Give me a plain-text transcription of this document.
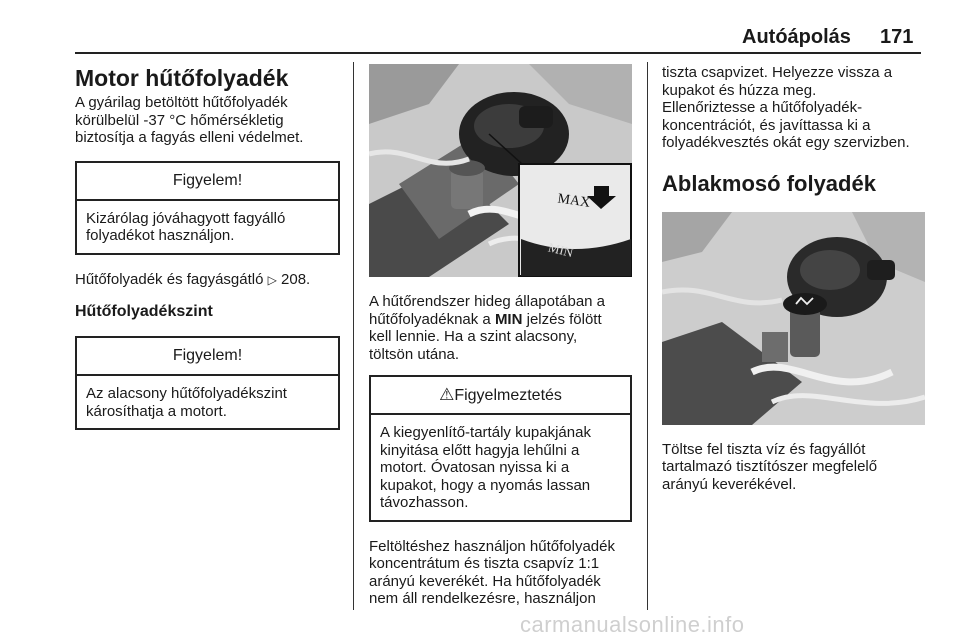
Autóápolás 171
Motor hűtőfolyadék

A gyárilag betöltött hűtőfolyadék
körülbelül -37 °C hőmérsékletig
biztosítja a fagyás elleni védelmet.

Figyelem!
Kizárólag jóváhagyott fagyálló
folyadékot használjon.

Hűtőfolyadék és fagyásgátló ▷ 208.

Hűtőfolyadékszint
Figyelem!
Az alacsony hűtőfolyadékszint
károsíthatja a motort.
MAX
MIN

A hűtőrendszer hideg állapotában a
hűtőfolyadéknak a MIN jelzés fölött
kell lennie. Ha a szint alacsony,
töltsön utána.

⚠Figyelmeztetés
A kiegyenlítő-tartály kupakjának
kinyitása előtt hagyja lehűlni a
motort. Óvatosan nyissa ki a
kupakot, hogy a nyomás lassan
távozhasson.

Feltöltéshez használjon hűtőfolyadék
koncentrátum és tiszta csapvíz 1:1
arányú keverékét. Ha hűtőfolyadék
nem áll rendelkezésre, használjon

tiszta csapvizet. Helyezze vissza a
kupakot és húzza meg.
Ellenőriztesse a hűtőfolyadék-
koncentrációt, és javíttassa ki a
folyadékvesztés okát egy szervizben.

Ablakmosó folyadék

Töltse fel tiszta víz és fagyállót
tartalmazó tisztítószer megfelelő
arányú keverékével.

carmanualsonline.info
